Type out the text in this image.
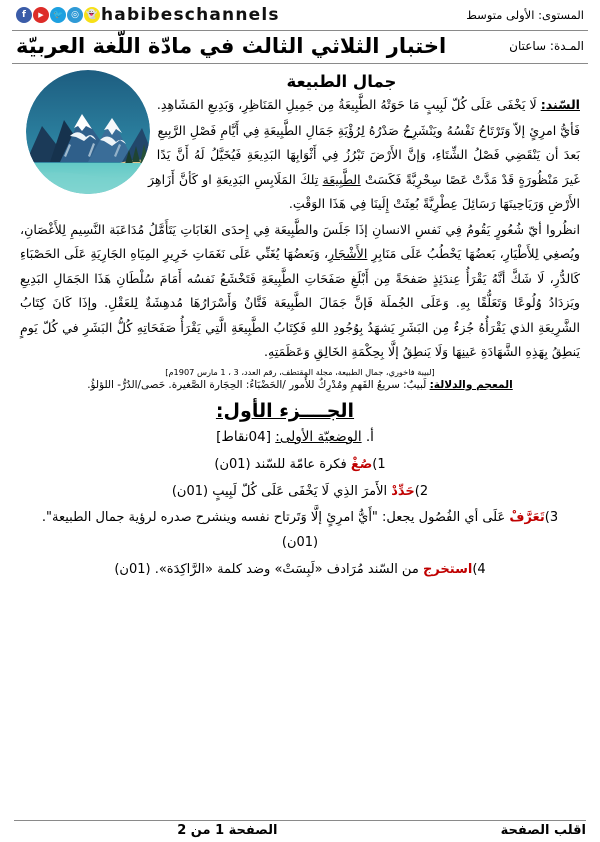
f	▶	🐦 ◎ 👻 habibeschannels	المستوى: الأولى متوسط
اختبار الثلاثي الثالث في مادّة اللّغة العربيّة	المـدة: ساعتان
جمال الطبيعة

السّند: لَا يَخْفَى عَلَى كُلّ لَبِيبٍ مَا حَوَتْهُ الطَّبِيعَةُ مِن جَمِيلِ المَنَاظِرِ، وَبَدِيعِ المَشَاهِدِ.

فَأيُّ امرِئٍ إلاّ وَتَرْتَاحُ نَفْسُهُ ويَنْشَرِحُ صَدْرُهُ لِرُؤْيَةِ جَمَالِ الطَّبِيعَةِ فِي أَيَّامِ فَصْلِ الرَّبِيعِ بَعدَ أن يَنْقَضِي فَصْلُ الشِّتَاءِ، وَإنَّ الأَرْضَ تَبْرُزُ فِي أَثْوَابِهَا البَدِيعَةِ فَيُخَيَّلُ لَهُ أَنَّ يَدًا غَيرَ مَنْظُورَةٍ قَدْ مَدَّتْ عَصًا سِحْرِيَّةً فَكَسَتْ الطَّبِيعَة تِلكَ المَلَابِسِ البَدِيعَةِ او كَأنَّ أَزَاهِرَ الأَرْضِ وَرَيَاحِينَهَا رَسَائِلَ عِطْرِيَّةً بُعِثَتْ إِلَينَا فِي هَذَا الوَقْتِ.

انظُروا أيّ شُعُورٍ يَقُومُ فِي نَفسِ الانسانِ إذَا جَلَسَ والطَّبِيعَة فِي إِحدَى الغَابَاتِ يَتَأَمَّلُ مُدَاعَبَة النَّسِيمِ لِلأَغْصَانِ، ويُصغِي لِلأَطْيَارِ، بَعضُهَا يَخْطُبُ عَلَى مَنَابِرِ الأَشْجَارِ، وَبَعضُهَا يُغَنِّي عَلَى نَغَمَاتِ خَرِيرِ المِيَاهِ الجَارِيَةِ عَلَى الحَصْبَاءِ كَالدُّرِ، لَا شَكَّ أنَّهُ يَقْرَأُ عِندَئِذٍ صَفحَةً مِن أَبْلَغِ صَفَحَاتِ الطَّبِيعَةِ فَتَخْشَعُ نَفسُه أَمَامَ سُلْطَانِ هَذَا الجَمَالِ البَدِيعِ ويَزدَادُ وُلُوعًا وَتَعَلُّقًا بِهِ. وَعَلَى الجُملَة فَإنَّ جَمَالَ الطَّبِيعَة فَتَّانٌ وَأَسْرَارُهَا مُدهِشَةٌ لِلعَقْلِ. وإذَا كَانَ كِتَابُ الشَّرِيعَةِ الذي يَقْرَأُهُ جُزءٌ مِن البَشَرِ يَشهَدُ بِوُجُودِ اللهِ فَكِتَابُ الطَّبِيعَةِ الَّتِي يَقْرَأُ صَفَحَاتِهِ كُلُّ البَشَرِ في كُلّ يَومٍ يَنطِقُ بِهَذِهِ الشَّهَادَةِ عَينِهَا وَلَا يَنطِقُ إلَّا بِحِكْمَةِ الخَالِقِ وَعَظَمَتِهِ.

[لبيبة فاخوري، جمال الطبيعة، مجلة المقتطف، رقم العدد، 3 ، 1 مارس 1907م]
المعجم والدلالة: لَبيبٌ: سريعُ الفَهمِ ومُدْرِكٌ للأُمور /الحَضْبَاءُ: الحِجَارة الصَّغيرة. حَصى/الدُرُّ- اللؤلؤُ.
الجــــزء الأول:
أ. الوضعيّة الأولى: [04نقاط]
1)صُغْ فكرة عامّة للسّند (01ن)
2)حَدِّدْ الأَمرَ الذِي لَا يَخْفَى عَلَى كُلّ لَبِيبٍ (01ن)
3)تَعَرَّفْ عَلَى أي الفُصُول يجعل: "أَيُّ امرِئٍ إلَّا وَتَرتاح نفسه وينشرح صدره لرؤية جمال الطبيعة". (01ن)
4)استخرج من السّند مُرَادف «لَبِسَتْ» وضد كلمة «الرَّاكِدَة». (01ن)
الصفحة 1 من 2	اقلب الصفحة
